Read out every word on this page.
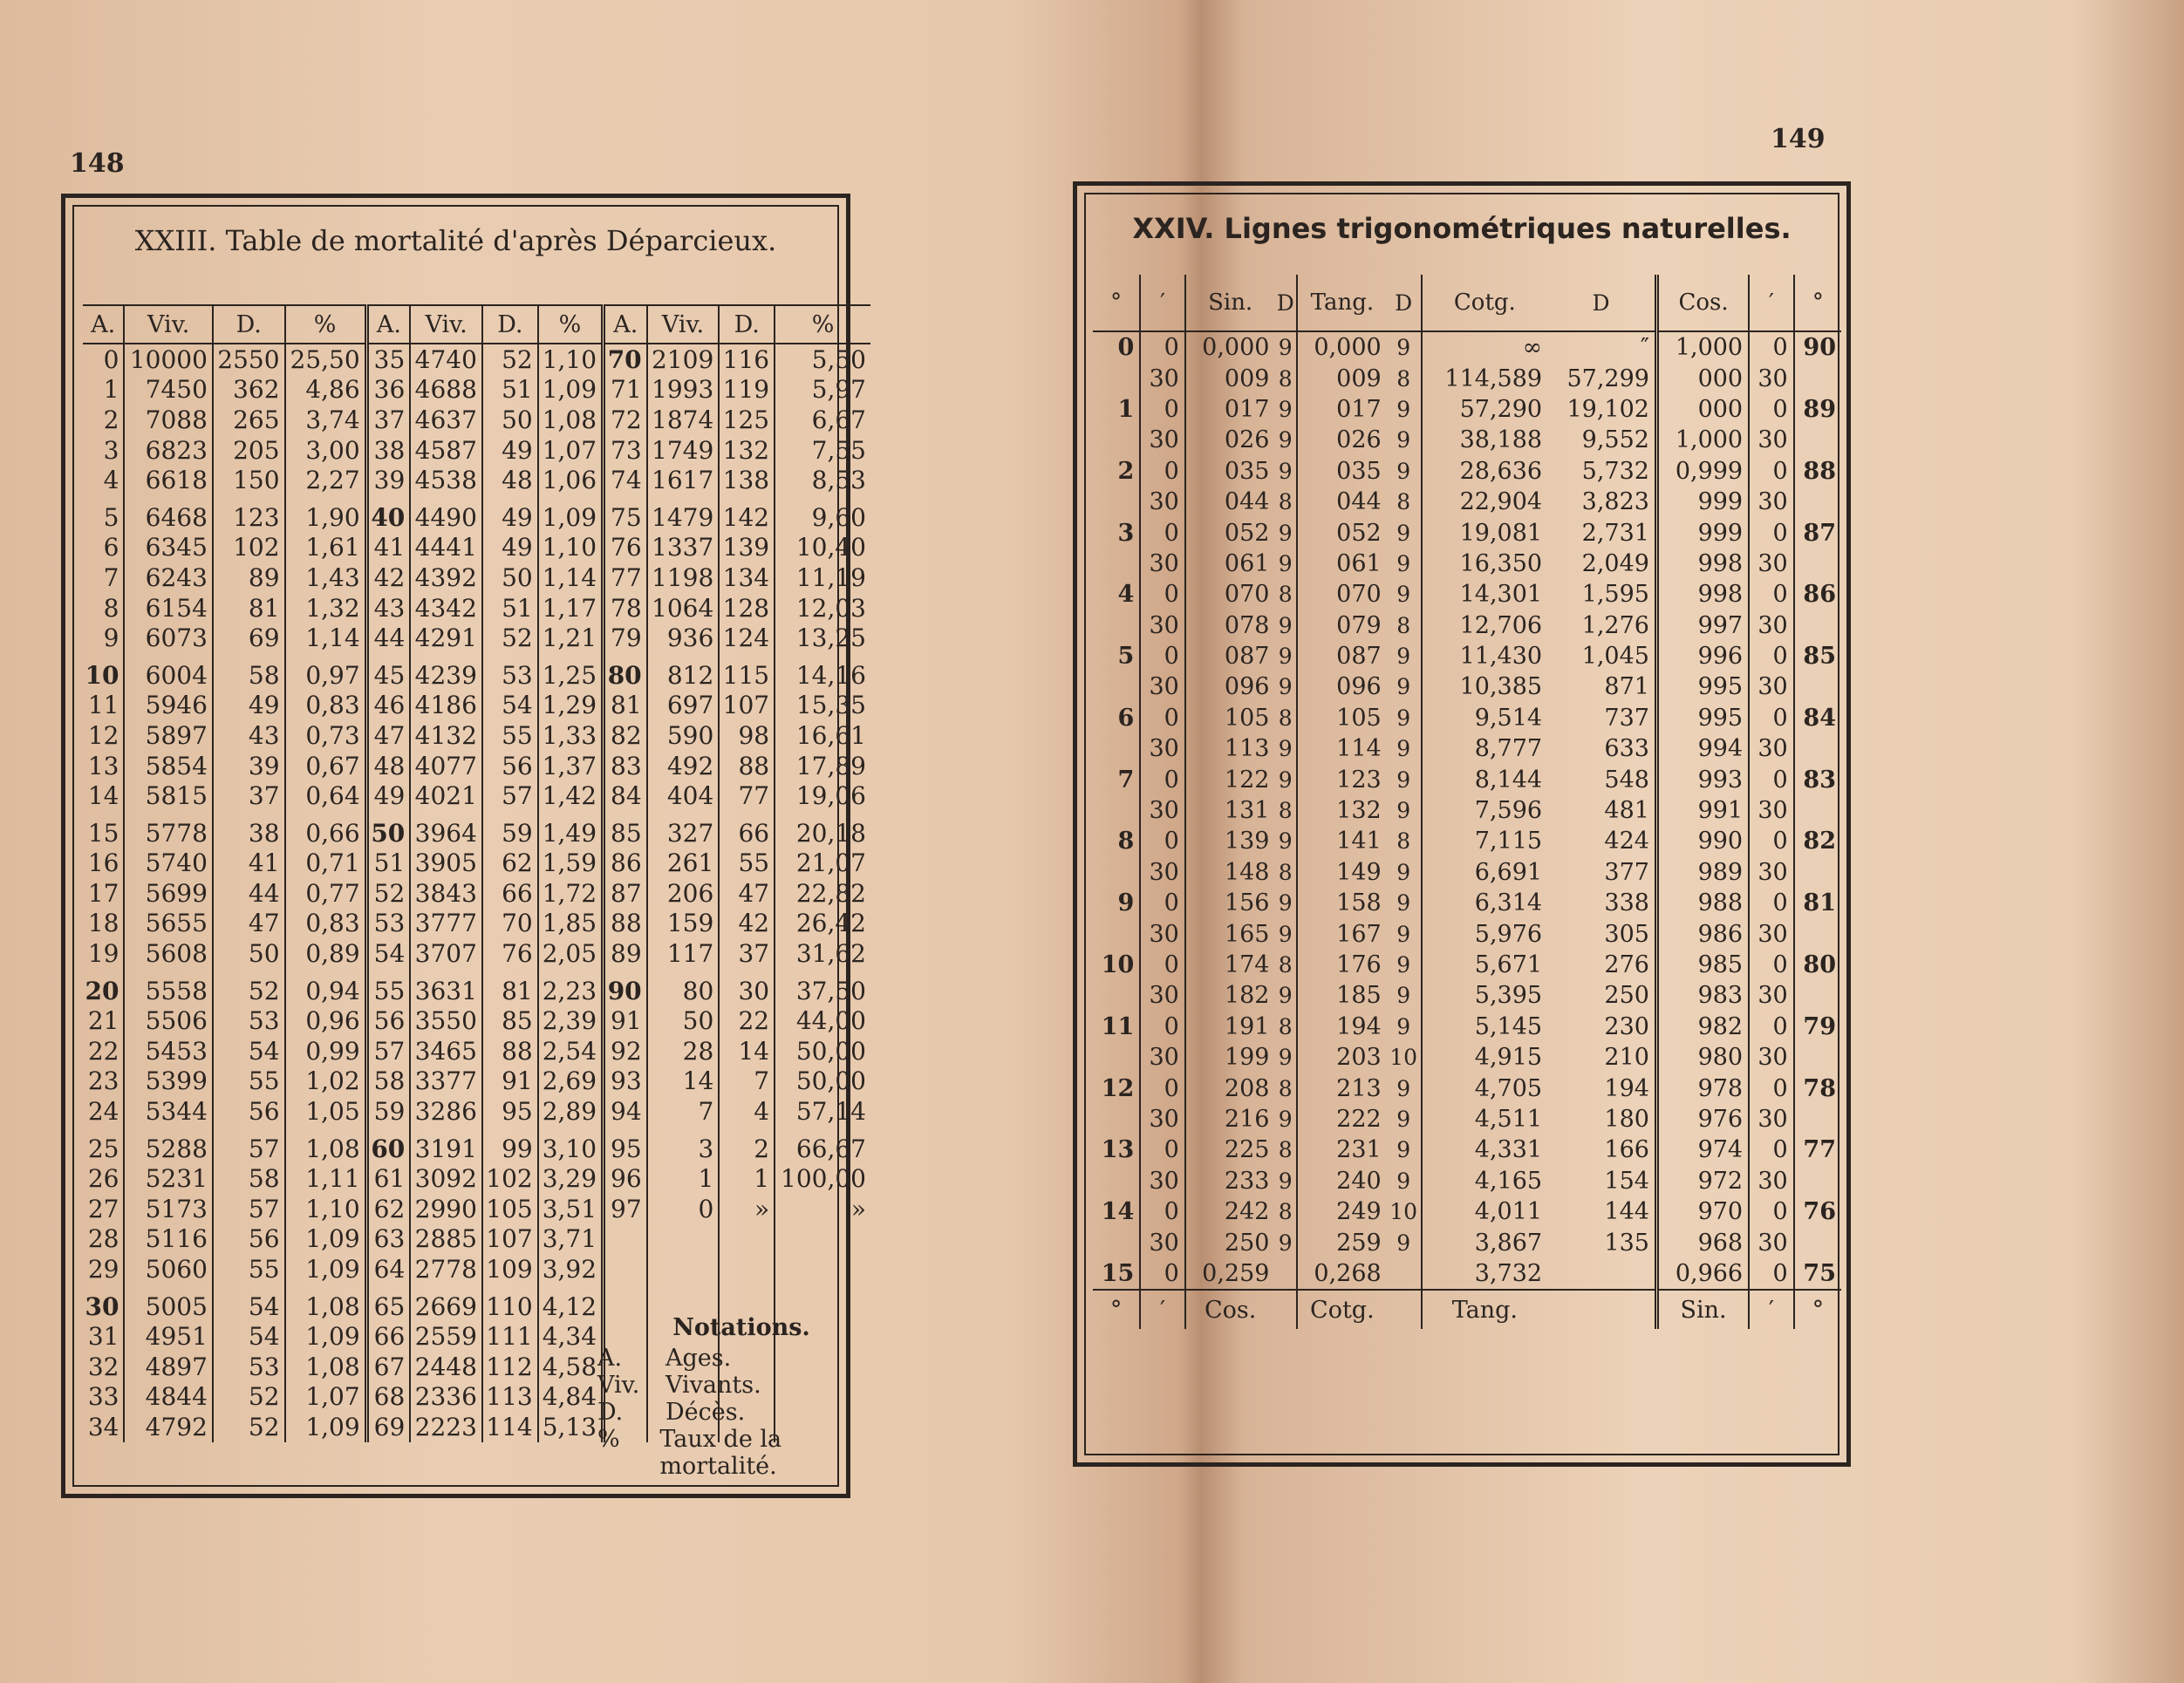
148
XXIII. Table de mortalité d'après Déparcieux.
A.	Viv.	D.	%	A.	Viv.	D.	%	A.	Viv.	D.	%
0	10000	2550	25,50	35	4740	52	1,10	70	2109	116	5,50
1	7450	362	4,86	36	4688	51	1,09	71	1993	119	5,97
2	7088	265	3,74	37	4637	50	1,08	72	1874	125	6,67
3	6823	205	3,00	38	4587	49	1,07	73	1749	132	7,55
4	6618	150	2,27	39	4538	48	1,06	74	1617	138	8,53
5	6468	123	1,90	40	4490	49	1,09	75	1479	142	9,60
6	6345	102	1,61	41	4441	49	1,10	76	1337	139	10,40
7	6243	89	1,43	42	4392	50	1,14	77	1198	134	11,19
8	6154	81	1,32	43	4342	51	1,17	78	1064	128	12,03
9	6073	69	1,14	44	4291	52	1,21	79	936	124	13,25
10	6004	58	0,97	45	4239	53	1,25	80	812	115	14,16
11	5946	49	0,83	46	4186	54	1,29	81	697	107	15,35
12	5897	43	0,73	47	4132	55	1,33	82	590	98	16,61
13	5854	39	0,67	48	4077	56	1,37	83	492	88	17,89
14	5815	37	0,64	49	4021	57	1,42	84	404	77	19,06
15	5778	38	0,66	50	3964	59	1,49	85	327	66	20,18
16	5740	41	0,71	51	3905	62	1,59	86	261	55	21,07
17	5699	44	0,77	52	3843	66	1,72	87	206	47	22,82
18	5655	47	0,83	53	3777	70	1,85	88	159	42	26,42
19	5608	50	0,89	54	3707	76	2,05	89	117	37	31,62
20	5558	52	0,94	55	3631	81	2,23	90	80	30	37,50
21	5506	53	0,96	56	3550	85	2,39	91	50	22	44,00
22	5453	54	0,99	57	3465	88	2,54	92	28	14	50,00
23	5399	55	1,02	58	3377	91	2,69	93	14	7	50,00
24	5344	56	1,05	59	3286	95	2,89	94	7	4	57,14
25	5288	57	1,08	60	3191	99	3,10	95	3	2	66,67
26	5231	58	1,11	61	3092	102	3,29	96	1	1	100,00
27	5173	57	1,10	62	2990	105	3,51	97	0	»	»
28	5116	56	1,09	63	2885	107	3,71				
29	5060	55	1,09	64	2778	109	3,92				
30	5005	54	1,08	65	2669	110	4,12				
31	4951	54	1,09	66	2559	111	4,34				
32	4897	53	1,08	67	2448	112	4,58				
33	4844	52	1,07	68	2336	113	4,84				
34	4792	52	1,09	69	2223	114	5,13				
Notations.
A.	Ages.
Viv.	Vivants.
D.	Décès.
%	Taux de la mortalité.
149
XXIV. Lignes trigonométriques naturelles.
°	′	Sin.	D	Tang.	D	Cotg.	D	Cos.	′	°
0	0	0,000	9	0,000	9	∞	″	1,000	0	90
	30	009	8	009	8	114,589	57,299	000	30	
1	0	017	9	017	9	57,290	19,102	000	0	89
	30	026	9	026	9	38,188	9,552	1,000	30	
2	0	035	9	035	9	28,636	5,732	0,999	0	88
	30	044	8	044	8	22,904	3,823	999	30	
3	0	052	9	052	9	19,081	2,731	999	0	87
	30	061	9	061	9	16,350	2,049	998	30	
4	0	070	8	070	9	14,301	1,595	998	0	86
	30	078	9	079	8	12,706	1,276	997	30	
5	0	087	9	087	9	11,430	1,045	996	0	85
	30	096	9	096	9	10,385	871	995	30	
6	0	105	8	105	9	9,514	737	995	0	84
	30	113	9	114	9	8,777	633	994	30	
7	0	122	9	123	9	8,144	548	993	0	83
	30	131	8	132	9	7,596	481	991	30	
8	0	139	9	141	8	7,115	424	990	0	82
	30	148	8	149	9	6,691	377	989	30	
9	0	156	9	158	9	6,314	338	988	0	81
	30	165	9	167	9	5,976	305	986	30	
10	0	174	8	176	9	5,671	276	985	0	80
	30	182	9	185	9	5,395	250	983	30	
11	0	191	8	194	9	5,145	230	982	0	79
	30	199	9	203	10	4,915	210	980	30	
12	0	208	8	213	9	4,705	194	978	0	78
	30	216	9	222	9	4,511	180	976	30	
13	0	225	8	231	9	4,331	166	974	0	77
	30	233	9	240	9	4,165	154	972	30	
14	0	242	8	249	10	4,011	144	970	0	76
	30	250	9	259	9	3,867	135	968	30	
15	0	0,259		0,268		3,732		0,966	0	75
°	′	Cos.		Cotg.		Tang.		Sin.	′	°
